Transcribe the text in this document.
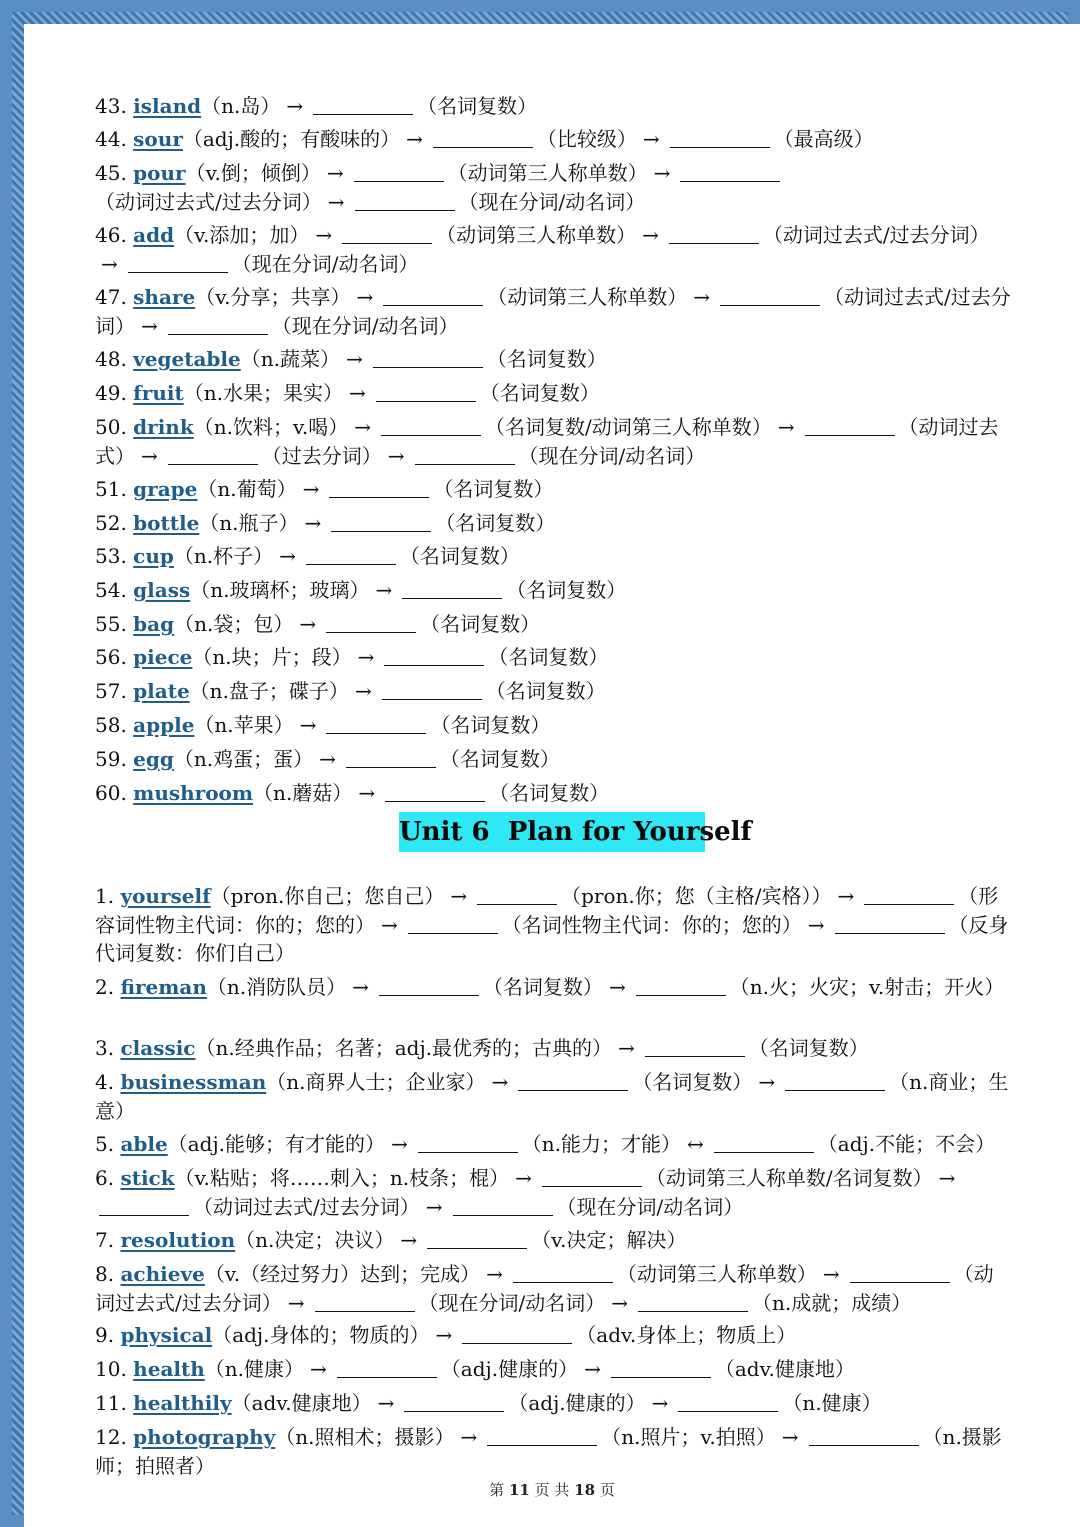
43. island（n.岛） →	（名词复数）
44. sour（adj.酸的；有酸味的） →	（比较级） →	（最高级）
45. pour（v.倒；倾倒） →	（动词第三人称单数） →（动词过去式/过去分词） →	（现在分词/动名词）
46. add（v.添加；加） →	（动词第三人称单数） →	（动词过去式/过去分词）→	（现在分词/动名词）
47. share（v.分享；共享） →	（动词第三人称单数） →	（动词过去式/过去分词） →	（现在分词/动名词）
48. vegetable（n.蔬菜） →	（名词复数）
49. fruit（n.水果；果实） →	（名词复数）
50. drink（n.饮料；v.喝） →	（名词复数/动词第三人称单数） →	（动词过去式） →	（过去分词） →	（现在分词/动名词）
51. grape（n.葡萄） →	（名词复数）
52. bottle（n.瓶子） →	（名词复数）
53. cup（n.杯子） →	（名词复数）
54. glass（n.玻璃杯；玻璃） →	（名词复数）
55. bag（n.袋；包） →	（名词复数）
56. piece（n.块；片；段） →	（名词复数）
57. plate（n.盘子；碟子） →	（名词复数）
58. apple（n.苹果） →	（名词复数）
59. egg（n.鸡蛋；蛋） →	（名词复数）
60. mushroom（n.蘑菇） →	（名词复数）
Unit 6  Plan for Yourself
1. yourself（pron.你自己；您自己） →	（pron.你；您（主格/宾格）） →	（形容词性物主代词：你的；您的） →	（名词性物主代词：你的；您的） →	（反身代词复数：你们自己）
2. fireman（n.消防队员） →	（名词复数） →	（n.火；火灾；v.射击；开火）
3. classic（n.经典作品；名著；adj.最优秀的；古典的） →	（名词复数）
4. businessman（n.商界人士；企业家） →	（名词复数） →	（n.商业；生意）
5. able（adj.能够；有才能的） →	（n.能力；才能） ↔	（adj.不能；不会）
6. stick（v.粘贴；将……刺入；n.枝条；棍） →	（动词第三人称单数/名词复数） →（动词过去式/过去分词） →	（现在分词/动名词）
7. resolution（n.决定；决议） →	（v.决定；解决）
8. achieve（v.（经过努力）达到；完成） →	（动词第三人称单数） →	（动词过去式/过去分词） →	（现在分词/动名词） →	（n.成就；成绩）
9. physical（adj.身体的；物质的） →	（adv.身体上；物质上）
10. health（n.健康） →	（adj.健康的） →	（adv.健康地）
11. healthily（adv.健康地） →	（adj.健康的） →	（n.健康）
12. photography（n.照相术；摄影） →	（n.照片；v.拍照） →	（n.摄影师；拍照者）
第 11 页 共 18 页
